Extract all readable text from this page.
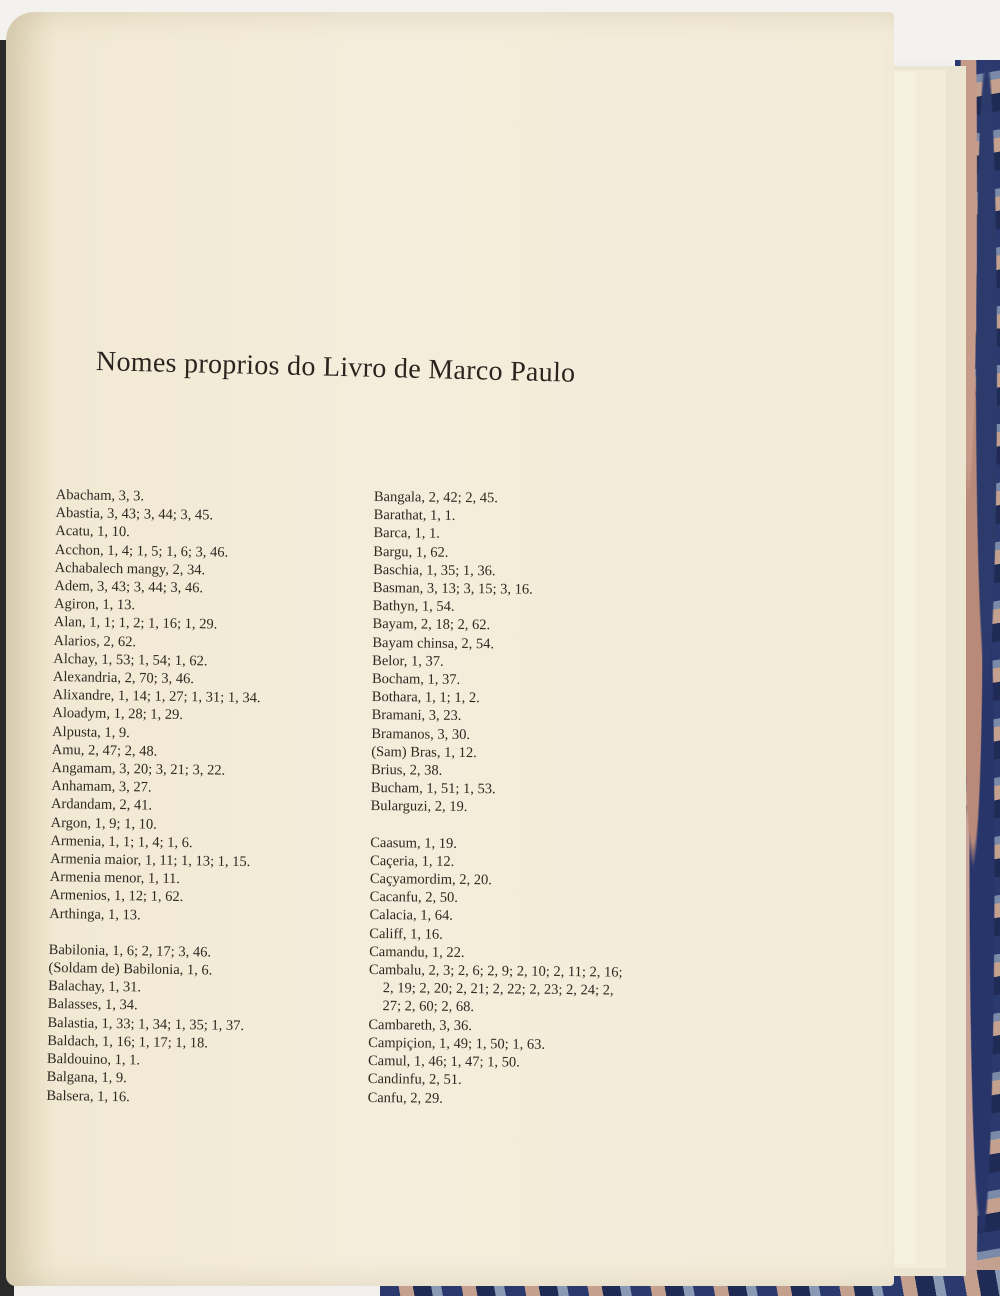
Nomes proprios do Livro de Marco Paulo
Abacham, 3, 3.
Abastia, 3, 43; 3, 44; 3, 45.
Acatu, 1, 10.
Acchon, 1, 4; 1, 5; 1, 6; 3, 46.
Achabalech mangy, 2, 34.
Adem, 3, 43; 3, 44; 3, 46.
Agiron, 1, 13.
Alan, 1, 1; 1, 2; 1, 16; 1, 29.
Alarios, 2, 62.
Alchay, 1, 53; 1, 54; 1, 62.
Alexandria, 2, 70; 3, 46.
Alixandre, 1, 14; 1, 27; 1, 31; 1, 34.
Aloadym, 1, 28; 1, 29.
Alpusta, 1, 9.
Amu, 2, 47; 2, 48.
Angamam, 3, 20; 3, 21; 3, 22.
Anhamam, 3, 27.
Ardandam, 2, 41.
Argon, 1, 9; 1, 10.
Armenia, 1, 1; 1, 4; 1, 6.
Armenia maior, 1, 11; 1, 13; 1, 15.
Armenia menor, 1, 11.
Armenios, 1, 12; 1, 62.
Arthinga, 1, 13.
Babilonia, 1, 6; 2, 17; 3, 46.
(Soldam de) Babilonia, 1, 6.
Balachay, 1, 31.
Balasses, 1, 34.
Balastia, 1, 33; 1, 34; 1, 35; 1, 37.
Baldach, 1, 16; 1, 17; 1, 18.
Baldouino, 1, 1.
Balgana, 1, 9.
Balsera, 1, 16.
Bangala, 2, 42; 2, 45.
Barathat, 1, 1.
Barca, 1, 1.
Bargu, 1, 62.
Baschia, 1, 35; 1, 36.
Basman, 3, 13; 3, 15; 3, 16.
Bathyn, 1, 54.
Bayam, 2, 18; 2, 62.
Bayam chinsa, 2, 54.
Belor, 1, 37.
Bocham, 1, 37.
Bothara, 1, 1; 1, 2.
Bramani, 3, 23.
Bramanos, 3, 30.
(Sam) Bras, 1, 12.
Brius, 2, 38.
Bucham, 1, 51; 1, 53.
Bularguzi, 2, 19.
Caasum, 1, 19.
Caçeria, 1, 12.
Caçyamordim, 2, 20.
Cacanfu, 2, 50.
Calacia, 1, 64.
Califf, 1, 16.
Camandu, 1, 22.
Cambalu, 2, 3; 2, 6; 2, 9; 2, 10; 2, 11; 2, 16;
2, 19; 2, 20; 2, 21; 2, 22; 2, 23; 2, 24; 2,
27; 2, 60; 2, 68.
Cambareth, 3, 36.
Campiçion, 1, 49; 1, 50; 1, 63.
Camul, 1, 46; 1, 47; 1, 50.
Candinfu, 2, 51.
Canfu, 2, 29.
